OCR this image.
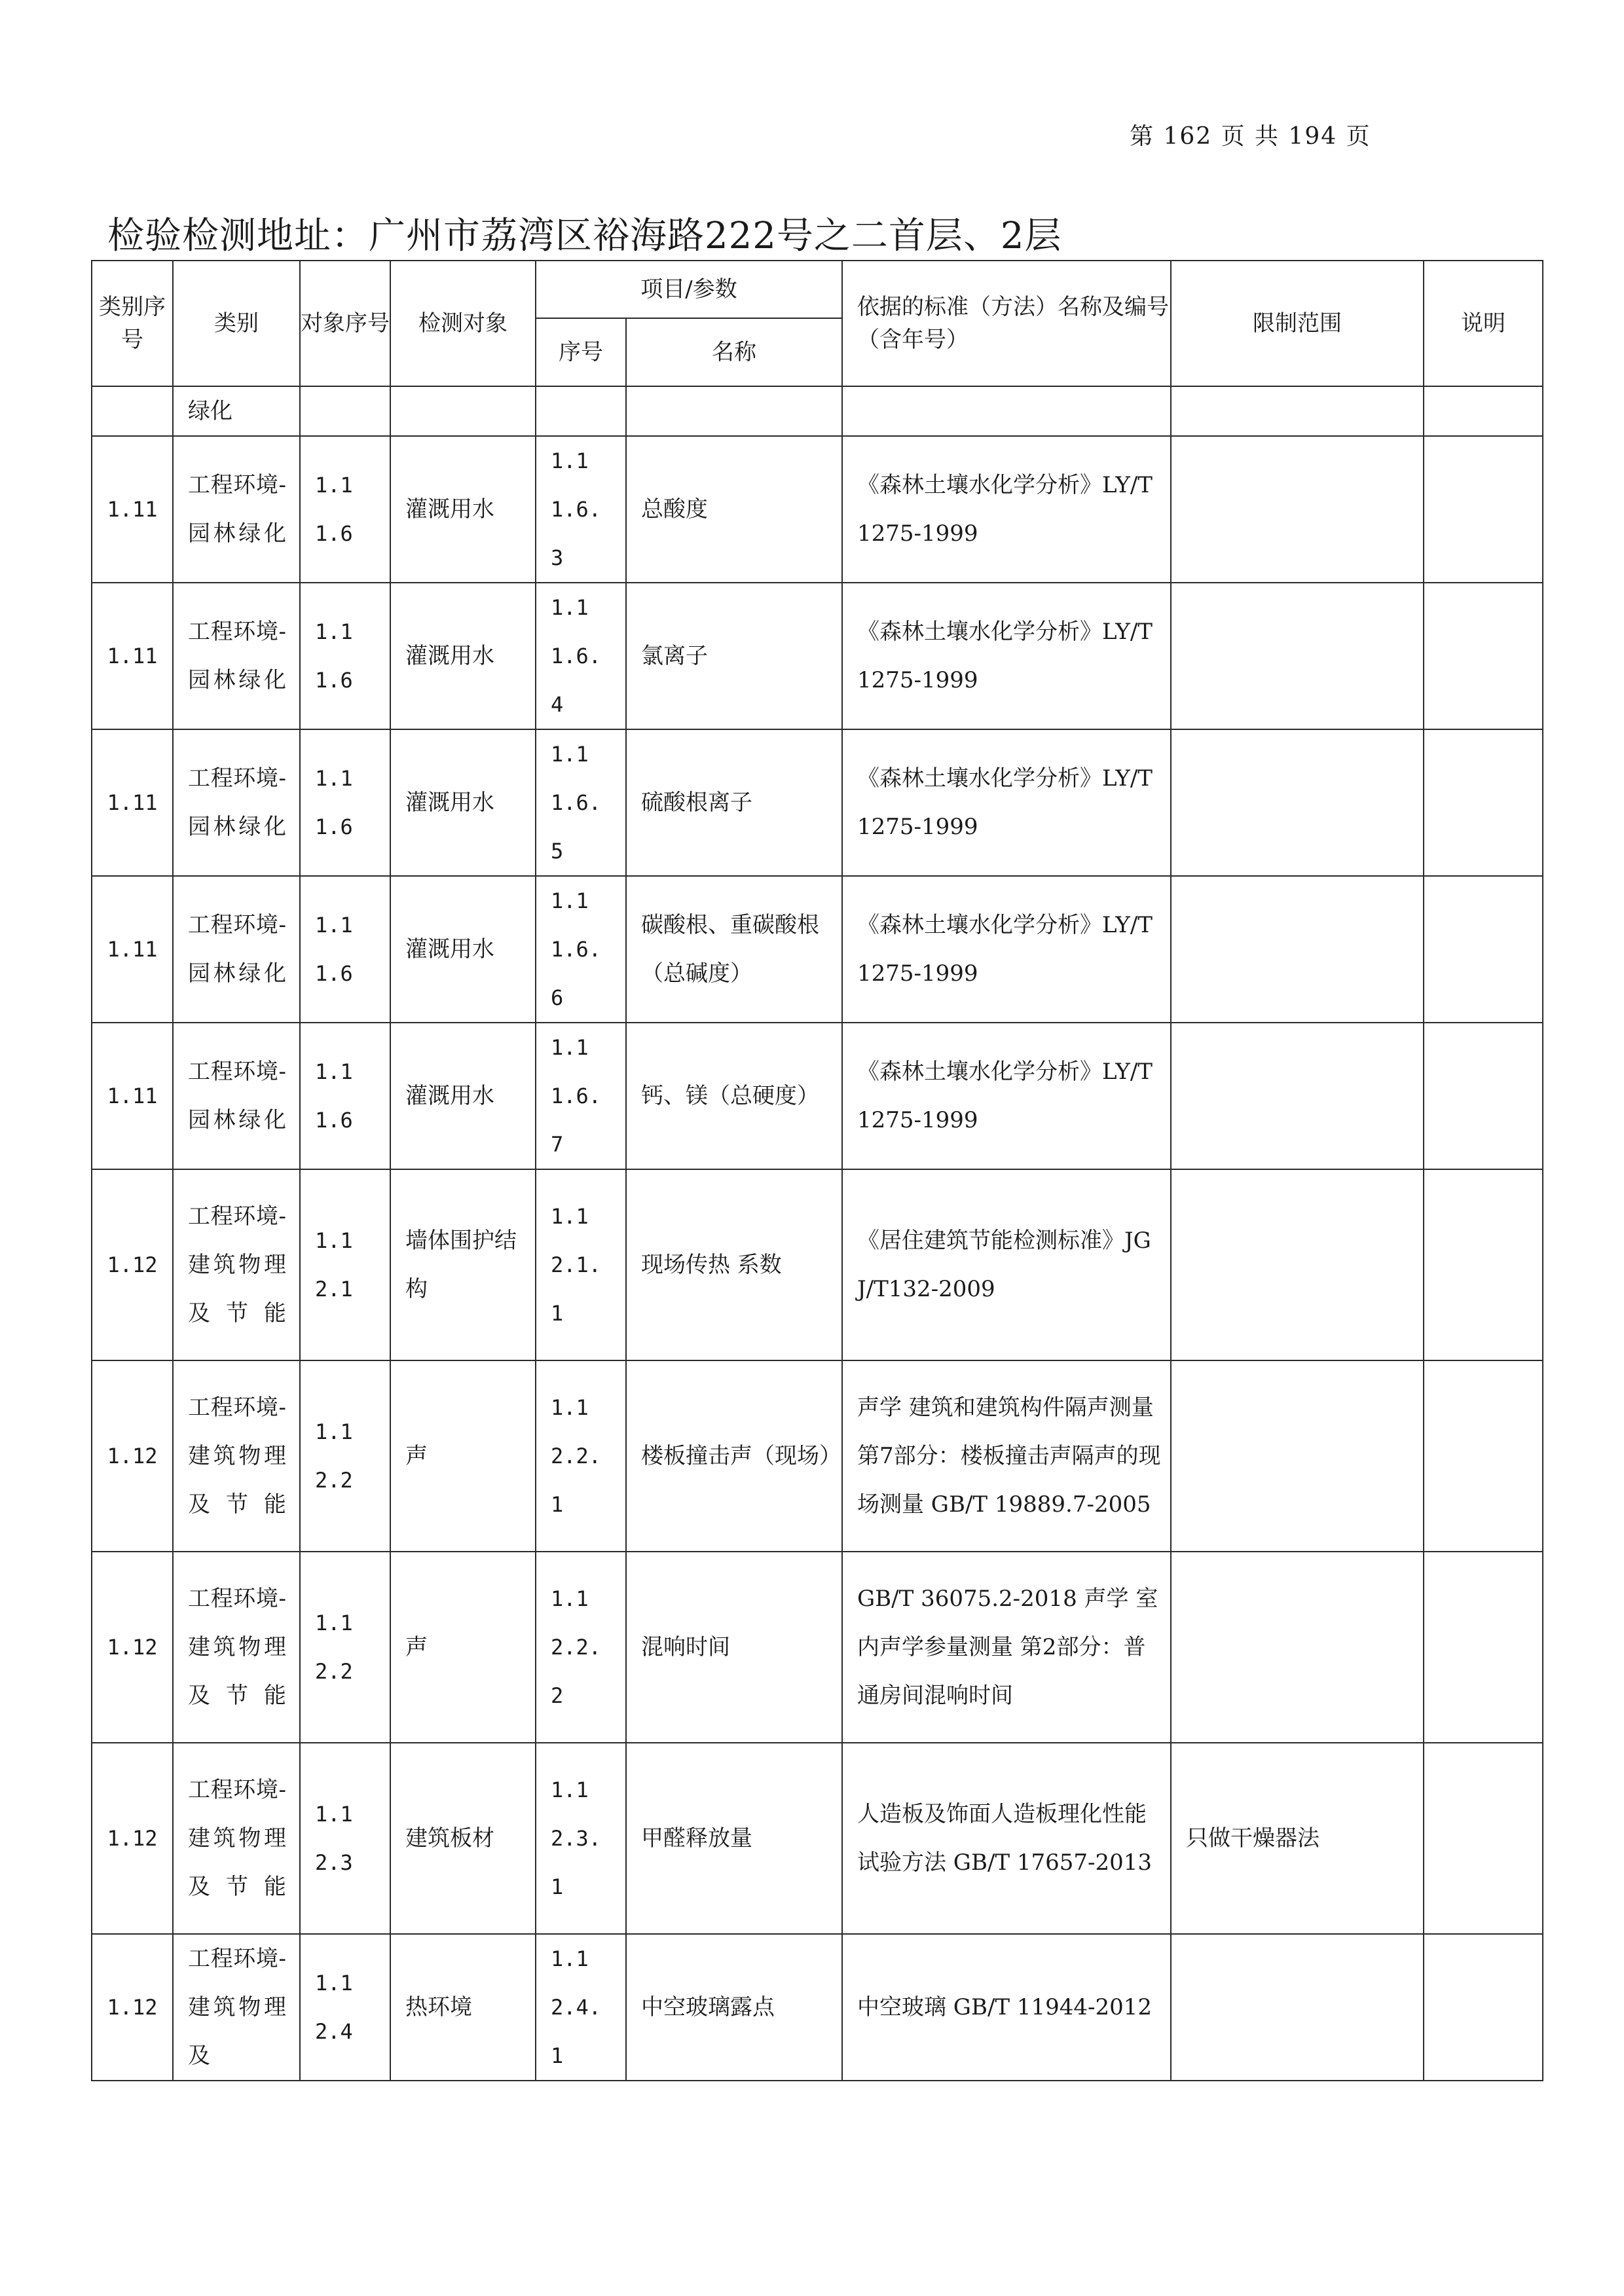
第 162 页 共 194 页
检验检测地址：广州市荔湾区裕海路222号之二首层、2层
类别序号	类别	对象序号	检测对象	项目/参数		依据的标准（方法）名称及编号（含年号）	限制范围	说明
				序号	名称			
	绿化	

1.11	工程环境-园林绿化	1.11.6	灌溉用水	1.11.6.3	总酸度	《森林土壤水化学分析》LY/T 1275-1999		
1.11	工程环境-园林绿化	1.11.6	灌溉用水	1.11.6.4	氯离子	《森林土壤水化学分析》LY/T 1275-1999		
1.11	工程环境-园林绿化	1.11.6	灌溉用水	1.11.6.5	硫酸根离子	《森林土壤水化学分析》LY/T 1275-1999		
1.11	工程环境-园林绿化	1.11.6	灌溉用水	1.11.6.6	碳酸根、重碳酸根（总碱度）	《森林土壤水化学分析》LY/T 1275-1999		
1.11	工程环境-园林绿化	1.11.6	灌溉用水	1.11.6.7	钙、镁（总硬度）	《森林土壤水化学分析》LY/T 1275-1999		
1.12	工程环境-建筑物理及节能	1.12.1	墙体围护结构	1.12.1.1	现场传热 系数	《居住建筑节能检测标准》JGJ/T132-2009		
1.12	工程环境-建筑物理及节能	1.12.2	声	1.12.2.1	楼板撞击声（现场）	声学 建筑和建筑构件隔声测量第7部分：楼板撞击声隔声的现场测量 GB/T 19889.7-2005		
1.12	工程环境-建筑物理及节能	1.12.2	声	1.12.2.2	混响时间	GB/T 36075.2-2018 声学 室内声学参量测量 第2部分：普通房间混响时间		
1.12	工程环境-建筑物理及节能	1.12.3	建筑板材	1.12.3.1	甲醛释放量	人造板及饰面人造板理化性能试验方法 GB/T 17657-2013	只做干燥器法	
1.12	工程环境-建筑物理及	1.12.4	热环境	1.12.4.1	中空玻璃露点	中空玻璃 GB/T 11944-2012		
